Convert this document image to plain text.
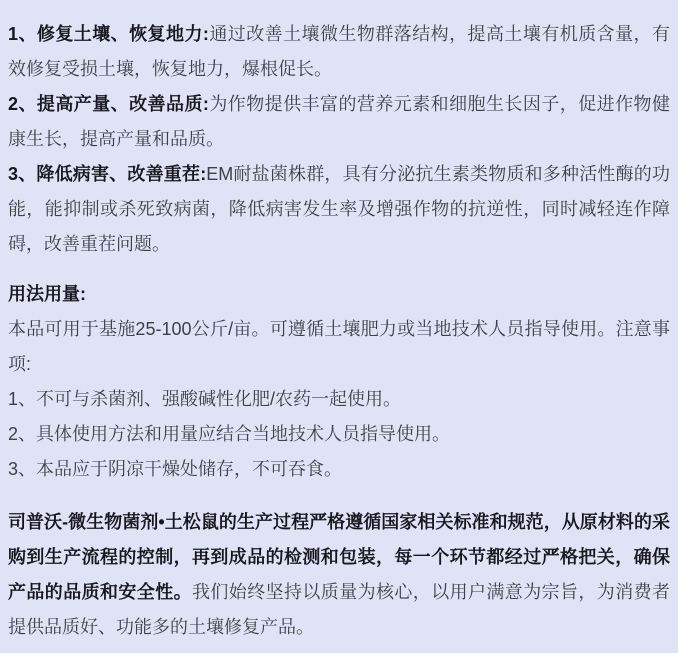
1、修复土壤、恢复地力:通过改善土壤微生物群落结构，提高土壤有机质含量，有效修复受损土壤，恢复地力，爆根促长。

2、提高产量、改善品质:为作物提供丰富的营养元素和细胞生长因子，促进作物健康生长，提高产量和品质。

3、降低病害、改善重茬:EM耐盐菌株群，具有分泌抗生素类物质和多种活性酶的功能，能抑制或杀死致病菌，降低病害发生率及增强作物的抗逆性，同时减轻连作障碍，改善重茬问题。

用法用量:

本品可用于基施25-100公斤/亩。可遵循土壤肥力或当地技术人员指导使用。注意事项:

1、不可与杀菌剂、强酸碱性化肥/农药一起使用。

2、具体使用方法和用量应结合当地技术人员指导使用。

3、本品应于阴凉干燥处储存，不可吞食。

司普沃-微生物菌剂•土松鼠的生产过程严格遵循国家相关标准和规范，从原材料的采购到生产流程的控制，再到成品的检测和包装，每一个环节都经过严格把关，确保产品的品质和安全性。我们始终坚持以质量为核心，以用户满意为宗旨，为消费者提供品质好、功能多的土壤修复产品。
